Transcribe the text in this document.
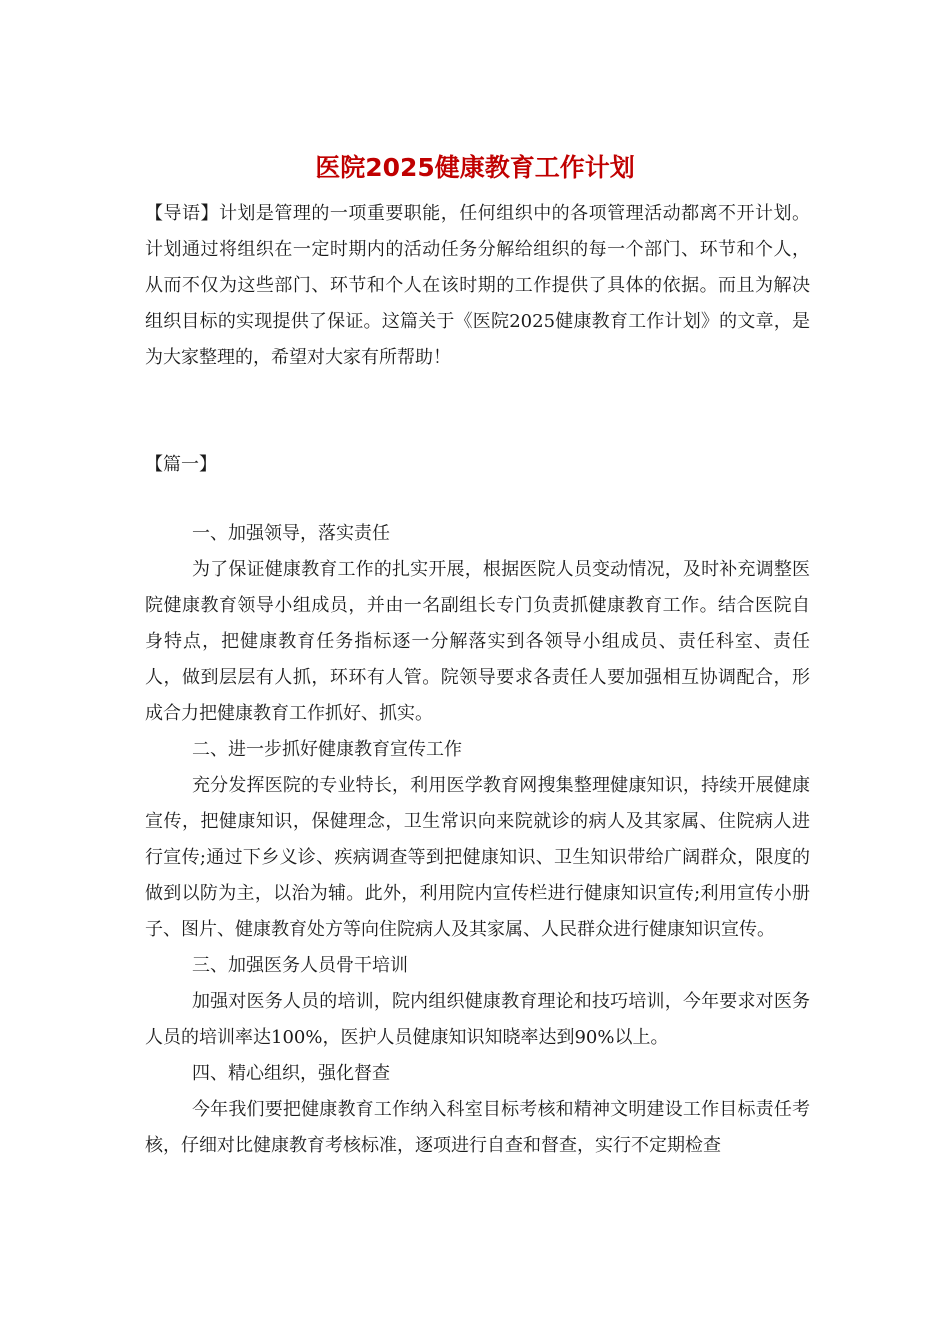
医院2025健康教育工作计划

【导语】计划是管理的一项重要职能，任何组织中的各项管理活动都离不开计划。计划通过将组织在一定时期内的活动任务分解给组织的每一个部门、环节和个人，从而不仅为这些部门、环节和个人在该时期的工作提供了具体的依据。而且为解决组织目标的实现提供了保证。这篇关于《医院2025健康教育工作计划》的文章，是为大家整理的，希望对大家有所帮助！

【篇一】

一、加强领导，落实责任

为了保证健康教育工作的扎实开展，根据医院人员变动情况，及时补充调整医院健康教育领导小组成员，并由一名副组长专门负责抓健康教育工作。结合医院自身特点，把健康教育任务指标逐一分解落实到各领导小组成员、责任科室、责任人，做到层层有人抓，环环有人管。院领导要求各责任人要加强相互协调配合，形成合力把健康教育工作抓好、抓实。

二、进一步抓好健康教育宣传工作

充分发挥医院的专业特长，利用医学教育网搜集整理健康知识，持续开展健康宣传，把健康知识，保健理念，卫生常识向来院就诊的病人及其家属、住院病人进行宣传;通过下乡义诊、疾病调查等到把健康知识、卫生知识带给广阔群众，限度的做到以防为主，以治为辅。此外，利用院内宣传栏进行健康知识宣传;利用宣传小册子、图片、健康教育处方等向住院病人及其家属、人民群众进行健康知识宣传。

三、加强医务人员骨干培训

加强对医务人员的培训，院内组织健康教育理论和技巧培训，今年要求对医务人员的培训率达100%，医护人员健康知识知晓率达到90%以上。

四、精心组织，强化督查

今年我们要把健康教育工作纳入科室目标考核和精神文明建设工作目标责任考核，仔细对比健康教育考核标准，逐项进行自查和督查，实行不定期检查
